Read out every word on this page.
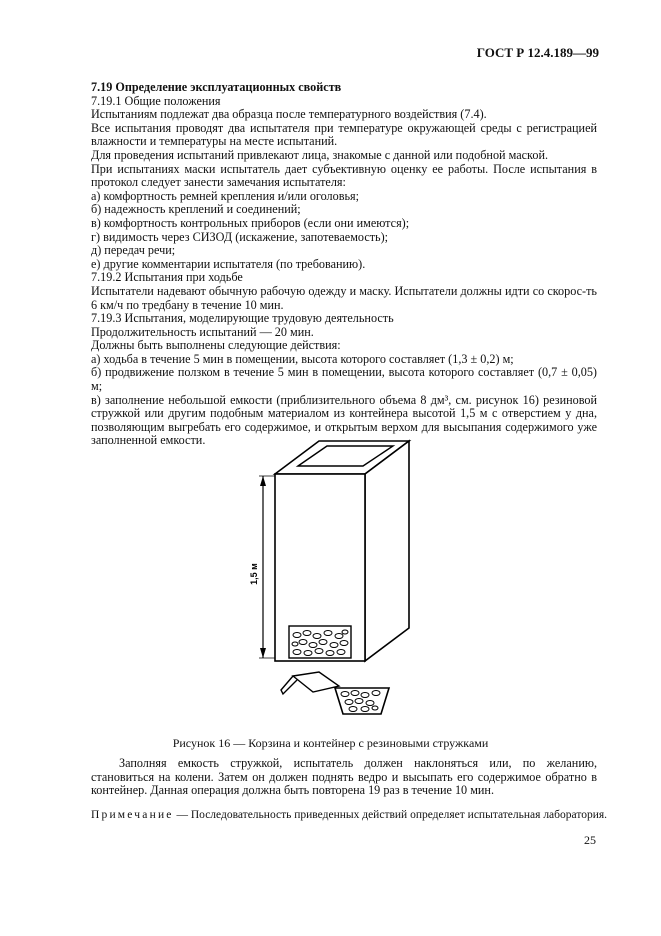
ГОСТ Р 12.4.189—99

7.19 Определение эксплуатационных свойств

7.19.1 Общие положения

Испытаниям подлежат два образца после температурного воздействия (7.4).

Все испытания проводят два испытателя при температуре окружающей среды с регистрацией влажности и температуры на месте испытаний.

Для проведения испытаний привлекают лица, знакомые с данной или подобной маской.

При испытаниях маски испытатель дает субъективную оценку ее работы. После испытания в протокол следует занести замечания испытателя:

а) комфортность ремней крепления и/или оголовья;

б) надежность креплений и соединений;

в) комфортность контрольных приборов (если они имеются);

г) видимость через СИЗОД (искажение, запотеваемость);

д) передач речи;

е) другие комментарии испытателя (по требованию).

7.19.2 Испытания при ходьбе

Испытатели надевают обычную рабочую одежду и маску. Испытатели должны идти со скорос-ть 6 км/ч по тредбану в течение 10 мин.

7.19.3 Испытания, моделирующие трудовую деятельность

Продолжительность испытаний — 20 мин.

Должны быть выполнены следующие действия:

а) ходьба в течение 5 мин в помещении, высота которого составляет (1,3 ± 0,2) м;

б) продвижение ползком в течение 5 мин в помещении, высота которого составляет (0,7 ± 0,05) м;

в) заполнение небольшой емкости (приблизительного объема 8 дм³, см. рисунок 16) резиновой стружкой или другим подобным материалом из контейнера высотой 1,5 м с отверстием у дна, позволяющим выгребать его содержимое, и открытым верхом для высыпания содержимого уже заполненной емкости.

1,5 м
Рисунок 16 — Корзина и контейнер с резиновыми стружками

Заполняя емкость стружкой, испытатель должен наклоняться или, по желанию, становиться на колени. Затем он должен поднять ведро и высыпать его содержимое обратно в контейнер. Данная операция должна быть повторена 19 раз в течение 10 мин.

Примечание — Последовательность приведенных действий определяет испытательная лаборатория.
25
